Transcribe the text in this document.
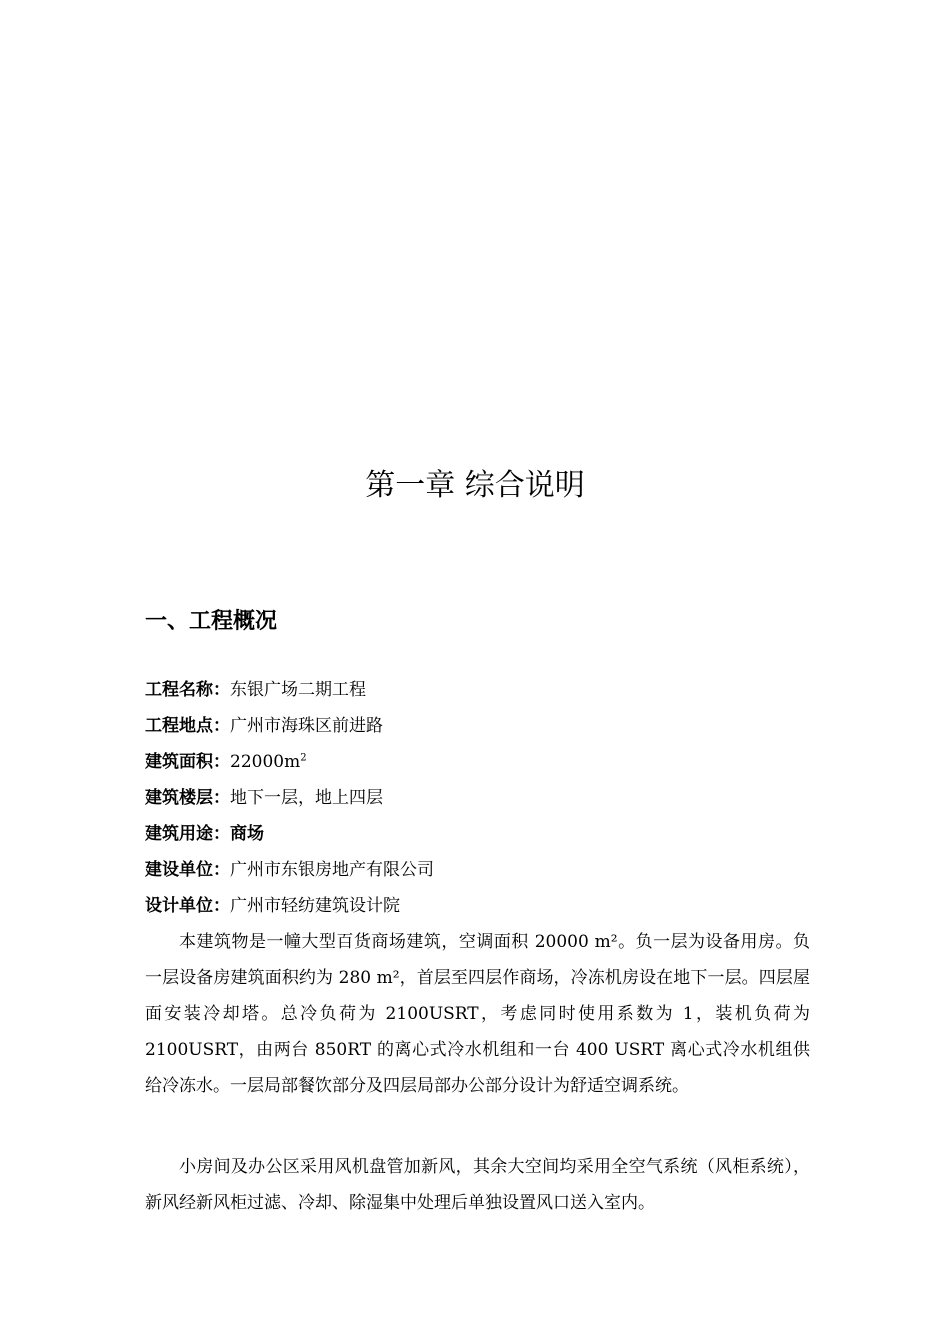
第一章 综合说明
一、工程概况
工程名称：东银广场二期工程
工程地点：广州市海珠区前进路
建筑面积：$22000m^2$
建筑楼层：地下一层，地上四层
建筑用途：商场
建设单位：广州市东银房地产有限公司
设计单位：广州市轻纺建筑设计院

本建筑物是一幢大型百货商场建筑，空调面积 20000 m²。负一层为设备用房。负一层设备房建筑面积约为 280 m²，首层至四层作商场，冷冻机房设在地下一层。四层屋面安装冷却塔。总冷负荷为 2100USRT，考虑同时使用系数为 1，装机负荷为 2100USRT，由两台 850RT 的离心式冷水机组和一台 400 USRT 离心式冷水机组供给冷冻水。一层局部餐饮部分及四层局部办公部分设计为舒适空调系统。

小房间及办公区采用风机盘管加新风，其余大空间均采用全空气系统（风柜系统），新风经新风柜过滤、冷却、除湿集中处理后单独设置风口送入室内。
